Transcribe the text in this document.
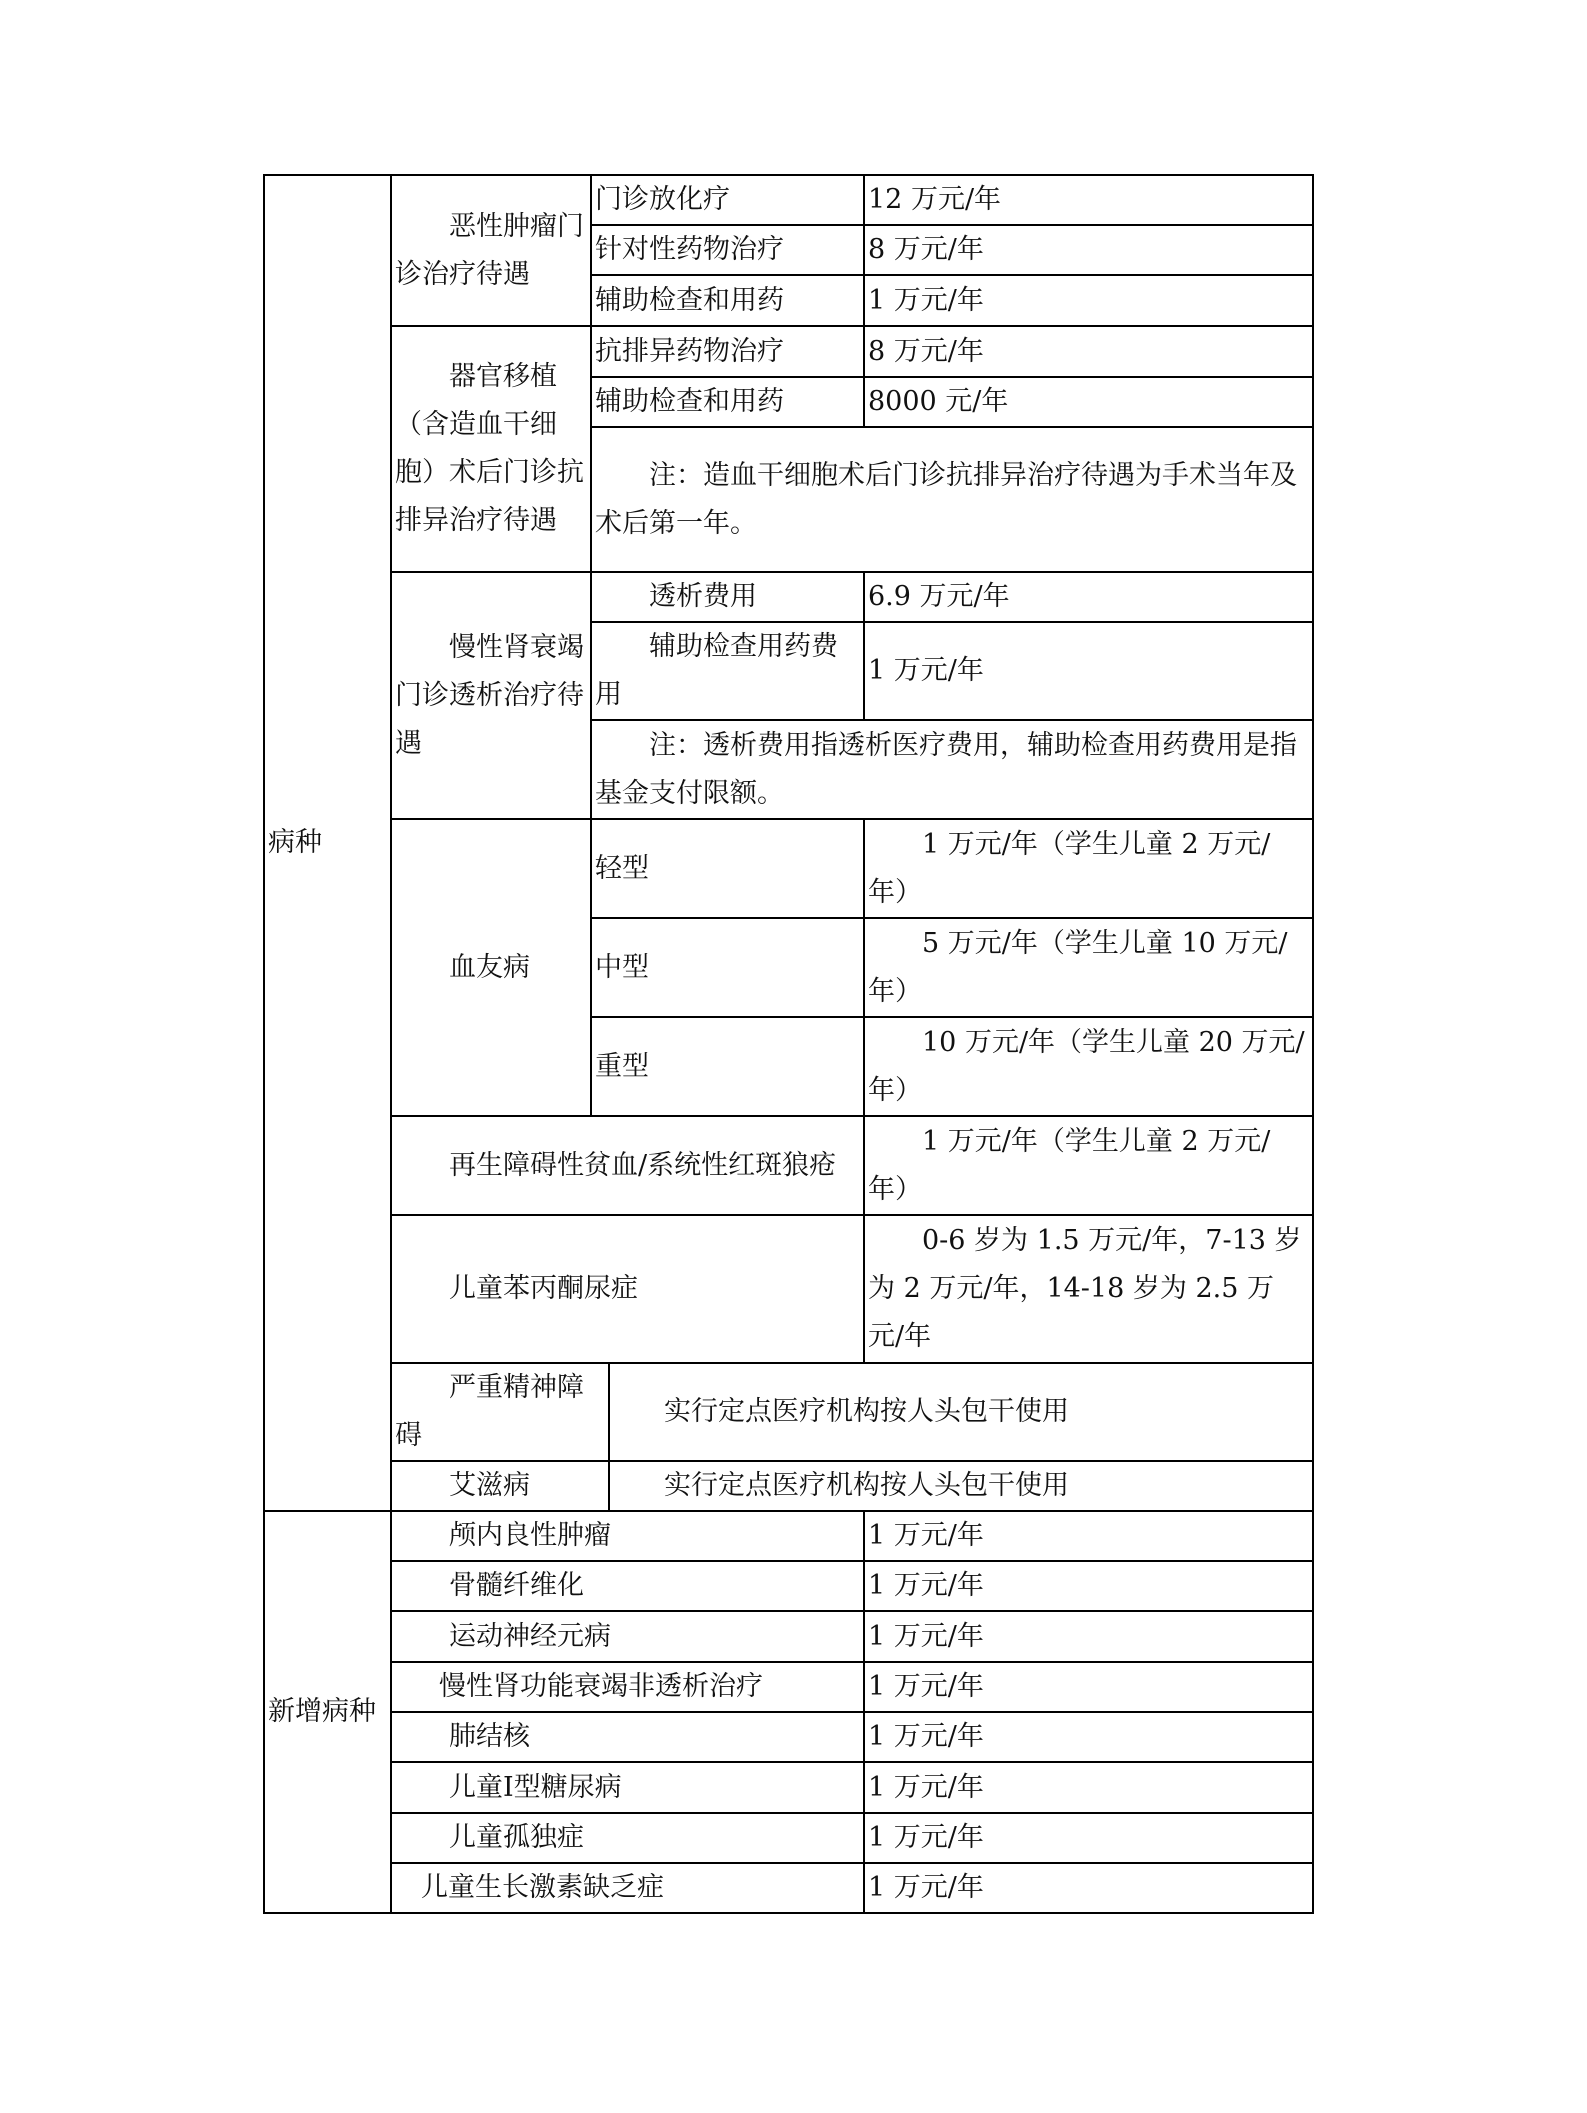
病种	恶性肿瘤门诊治疗待遇	门诊放化疗		12 万元/年
		针对性药物治疗		8 万元/年
		辅助检查和用药		1 万元/年
	器官移植（含造血干细胞）术后门诊抗排异治疗待遇	抗排异药物治疗		8 万元/年
		辅助检查和用药		8000 元/年
		注：造血干细胞术后门诊抗排异治疗待遇为手术当年及术后第一年。		
	慢性肾衰竭门诊透析治疗待遇	透析费用		6.9 万元/年
		辅助检查用药费用		1 万元/年
		注：透析费用指透析医疗费用，辅助检查用药费用是指基金支付限额。		
	血友病	轻型		1 万元/年（学生儿童 2 万元/年）
		中型		5 万元/年（学生儿童 10 万元/年）
		重型		10 万元/年（学生儿童 20 万元/年）
	再生障碍性贫血/系统性红斑狼疮			1 万元/年（学生儿童 2 万元/年）
	儿童苯丙酮尿症			0-6 岁为 1.5 万元/年，7-13 岁为 2 万元/年，14-18 岁为 2.5 万元/年
	严重精神障碍		实行定点医疗机构按人头包干使用	
	艾滋病		实行定点医疗机构按人头包干使用	
新增病种	颅内良性肿瘤			1 万元/年
	骨髓纤维化			1 万元/年
	运动神经元病			1 万元/年
	慢性肾功能衰竭非透析治疗			1 万元/年
	肺结核			1 万元/年
	儿童Ⅰ型糖尿病			1 万元/年
	儿童孤独症			1 万元/年
	儿童生长激素缺乏症			1 万元/年
